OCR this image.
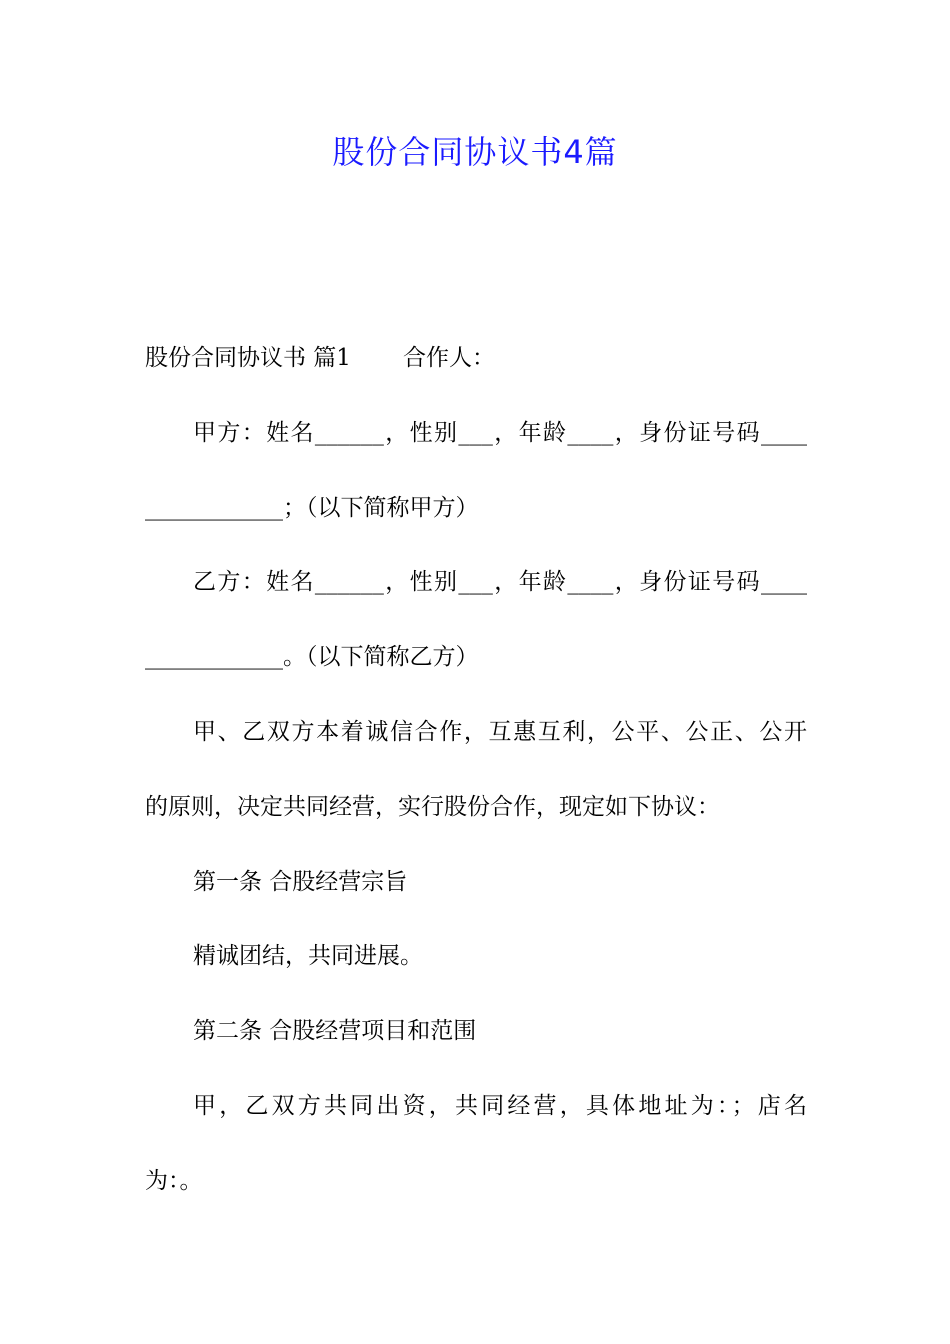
股份合同协议书4篇

股份合同协议书 篇1 合作人：

甲方：姓名______，性别___，年龄____，身份证号码____

____________；（以下简称甲方）

乙方：姓名______，性别___，年龄____，身份证号码____

____________。（以下简称乙方）

甲、乙双方本着诚信合作，互惠互利，公平、公正、公开

的原则，决定共同经营，实行股份合作，现定如下协议：

第一条 合股经营宗旨

精诚团结，共同进展。

第二条 合股经营项目和范围

甲，乙双方共同出资，共同经营，具体地址为：；店名

为：。
